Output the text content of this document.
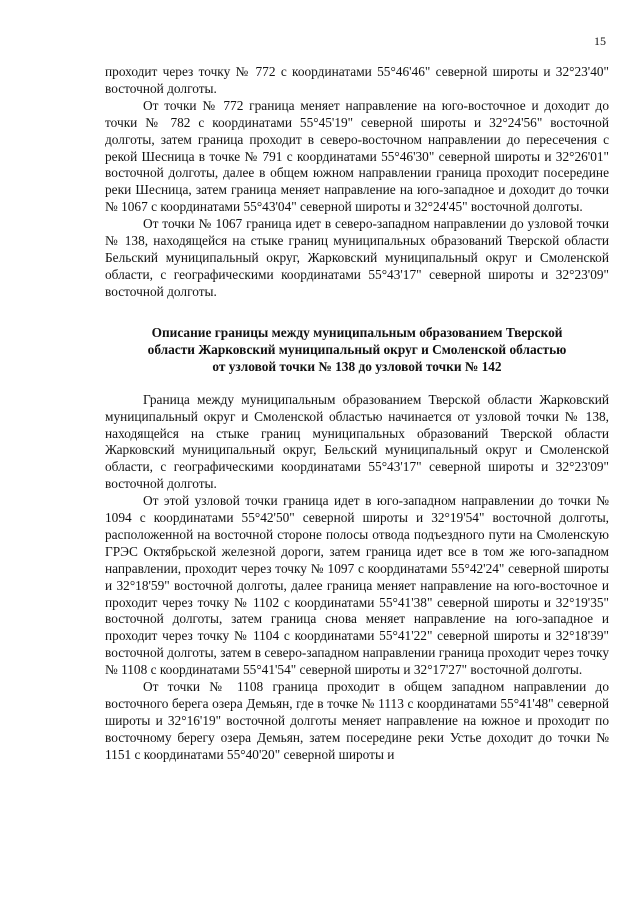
15

проходит через точку № 772 с координатами 55°46'46" северной широты и 32°23'40" восточной долготы.

От точки № 772 граница меняет направление на юго-восточное и доходит до точки № 782 с координатами 55°45'19" северной широты и 32°24'56" восточной долготы, затем граница проходит в северо-восточном направлении до пересечения с рекой Шесница в точке № 791 с координатами 55°46'30" северной широты и 32°26'01" восточной долготы, далее в общем южном направлении граница проходит посередине реки Шесница, затем граница меняет направление на юго-западное и доходит до точки № 1067 с координатами 55°43'04" северной широты и 32°24'45" восточной долготы.

От точки № 1067 граница идет в северо-западном направлении до узловой точки № 138, находящейся на стыке границ муниципальных образований Тверской области Бельский муниципальный округ, Жарковский муниципальный округ и Смоленской области, с географическими координатами 55°43'17" северной широты и 32°23'09" восточной долготы.

Описание границы между муниципальным образованием Тверской
области Жарковский муниципальный округ и Смоленской областью
от узловой точки № 138 до узловой точки № 142

Граница между муниципальным образованием Тверской области Жарковский муниципальный округ и Смоленской областью начинается от узловой точки № 138, находящейся на стыке границ муниципальных образований Тверской области Жарковский муниципальный округ, Бельский муниципальный округ и Смоленской области, с географическими координатами 55°43'17" северной широты и 32°23'09" восточной долготы.

От этой узловой точки граница идет в юго-западном направлении до точки № 1094 с координатами 55°42'50" северной широты и 32°19'54" восточной долготы, расположенной на восточной стороне полосы отвода подъездного пути на Смоленскую ГРЭС Октябрьской железной дороги, затем граница идет все в том же юго-западном направлении, проходит через точку № 1097 с координатами 55°42'24" северной широты и 32°18'59" восточной долготы, далее граница меняет направление на юго-восточное и проходит через точку № 1102 с координатами 55°41'38" северной широты и 32°19'35" восточной долготы, затем граница снова меняет направление на юго-западное и проходит через точку № 1104 с координатами 55°41'22" северной широты и 32°18'39" восточной долготы, затем в северо-западном направлении граница проходит через точку № 1108 с координатами 55°41'54" северной широты и 32°17'27" восточной долготы.

От точки № 1108 граница проходит в общем западном направлении до восточного берега озера Демьян, где в точке № 1113 с координатами 55°41'48" северной широты и 32°16'19" восточной долготы меняет направление на южное и проходит по восточному берегу озера Демьян, затем посередине реки Устье доходит до точки № 1151 с координатами 55°40'20" северной широты и
